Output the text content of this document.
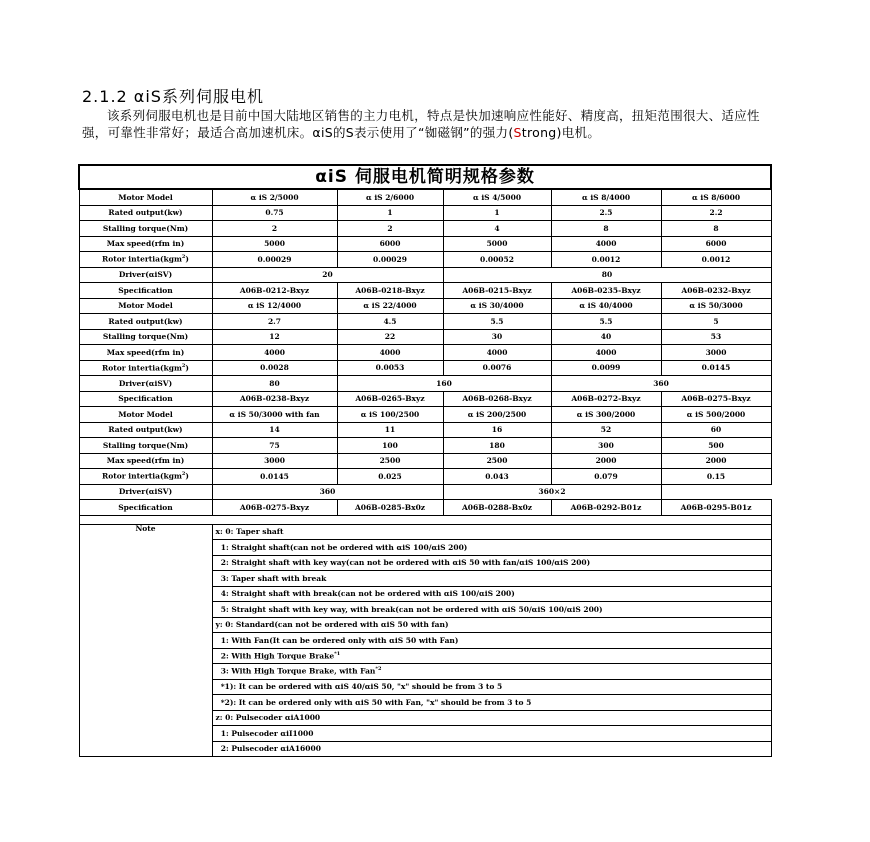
2.1.2 αiS系列伺服电机
该系列伺服电机也是目前中国大陆地区销售的主力电机，特点是快加速响应性能好、精度高，扭矩范围很大、适应性强，可靠性非常好；最适合高加速机床。αiS的S表示使用了“铷磁钢”的强力(Strong)电机。
αiS 伺服电机简明规格参数					
Motor Model	α iS 2/5000	α iS 2/6000	α iS 4/5000	α iS 8/4000	α iS 8/6000
Rated output(kw)	0.75	1	1	2.5	2.2
Stalling torque(Nm)	2	2	4	8	8
Max speed(rfm in)	5000	6000	5000	4000	6000
Rotor intertia(kgm$^2$)	0.00029	0.00029	0.00052	0.0012	0.0012
Driver(αiSV)	20		80		
Specification	A06B-0212-Bxyz	A06B-0218-Bxyz	A06B-0215-Bxyz	A06B-0235-Bxyz	A06B-0232-Bxyz
Motor Model	α iS 12/4000	α iS 22/4000	α iS 30/4000	α iS 40/4000	α iS 50/3000
Rated output(kw)	2.7	4.5	5.5	5.5	5
Stalling torque(Nm)	12	22	30	40	53
Max speed(rfm in)	4000	4000	4000	4000	3000
Rotor intertia(kgm$^2$)	0.0028	0.0053	0.0076	0.0099	0.0145
Driver(αiSV)	80	160		360	
Specification	A06B-0238-Bxyz	A06B-0265-Bxyz	A06B-0268-Bxyz	A06B-0272-Bxyz	A06B-0275-Bxyz
Motor Model	α iS 50/3000 with fan	α iS 100/2500	α iS 200/2500	α iS 300/2000	α iS 500/2000
Rated output(kw)	14	11	16	52	60
Stalling torque(Nm)	75	100	180	300	500
Max speed(rfm in)	3000	2500	2500	2000	2000
Rotor intertia(kgm$^2$)	0.0145	0.025	0.043	0.079	0.15
Driver(αiSV)	360		360×2		
Specification	A06B-0275-Bxyz	A06B-0285-Bx0z	A06B-0288-Bx0z	A06B-0292-B01z	A06B-0295-B01z

Note	x: 0: Taper shaft				
	1: Straight shaft(can not be ordered with αiS 100/αiS 200)				
	2: Straight shaft with key way(can not be ordered with αiS 50 with fan/αiS 100/αiS 200)				
	3: Taper shaft with break				
	4: Straight shaft with break(can not be ordered with αiS 100/αiS 200)				
	5: Straight shaft with key way, with break(can not be ordered with αiS 50/αiS 100/αiS 200)				
	y: 0: Standard(can not be ordered with αiS 50 with fan)				
	1: With Fan(It can be ordered only with αiS 50 with Fan)				
	2: With High Torque Brake$^{*1}$
	3: With High Torque Brake, with Fan$^{*2}$
	*1): It can be ordered with αiS 40/αiS 50, "x" should be from 3 to 5				
	*2): It can be ordered only with αiS 50 with Fan, "x" should be from 3 to 5				
	z: 0: Pulsecoder αiA1000				
	1: Pulsecoder αiI1000				
	2: Pulsecoder αiA16000				
